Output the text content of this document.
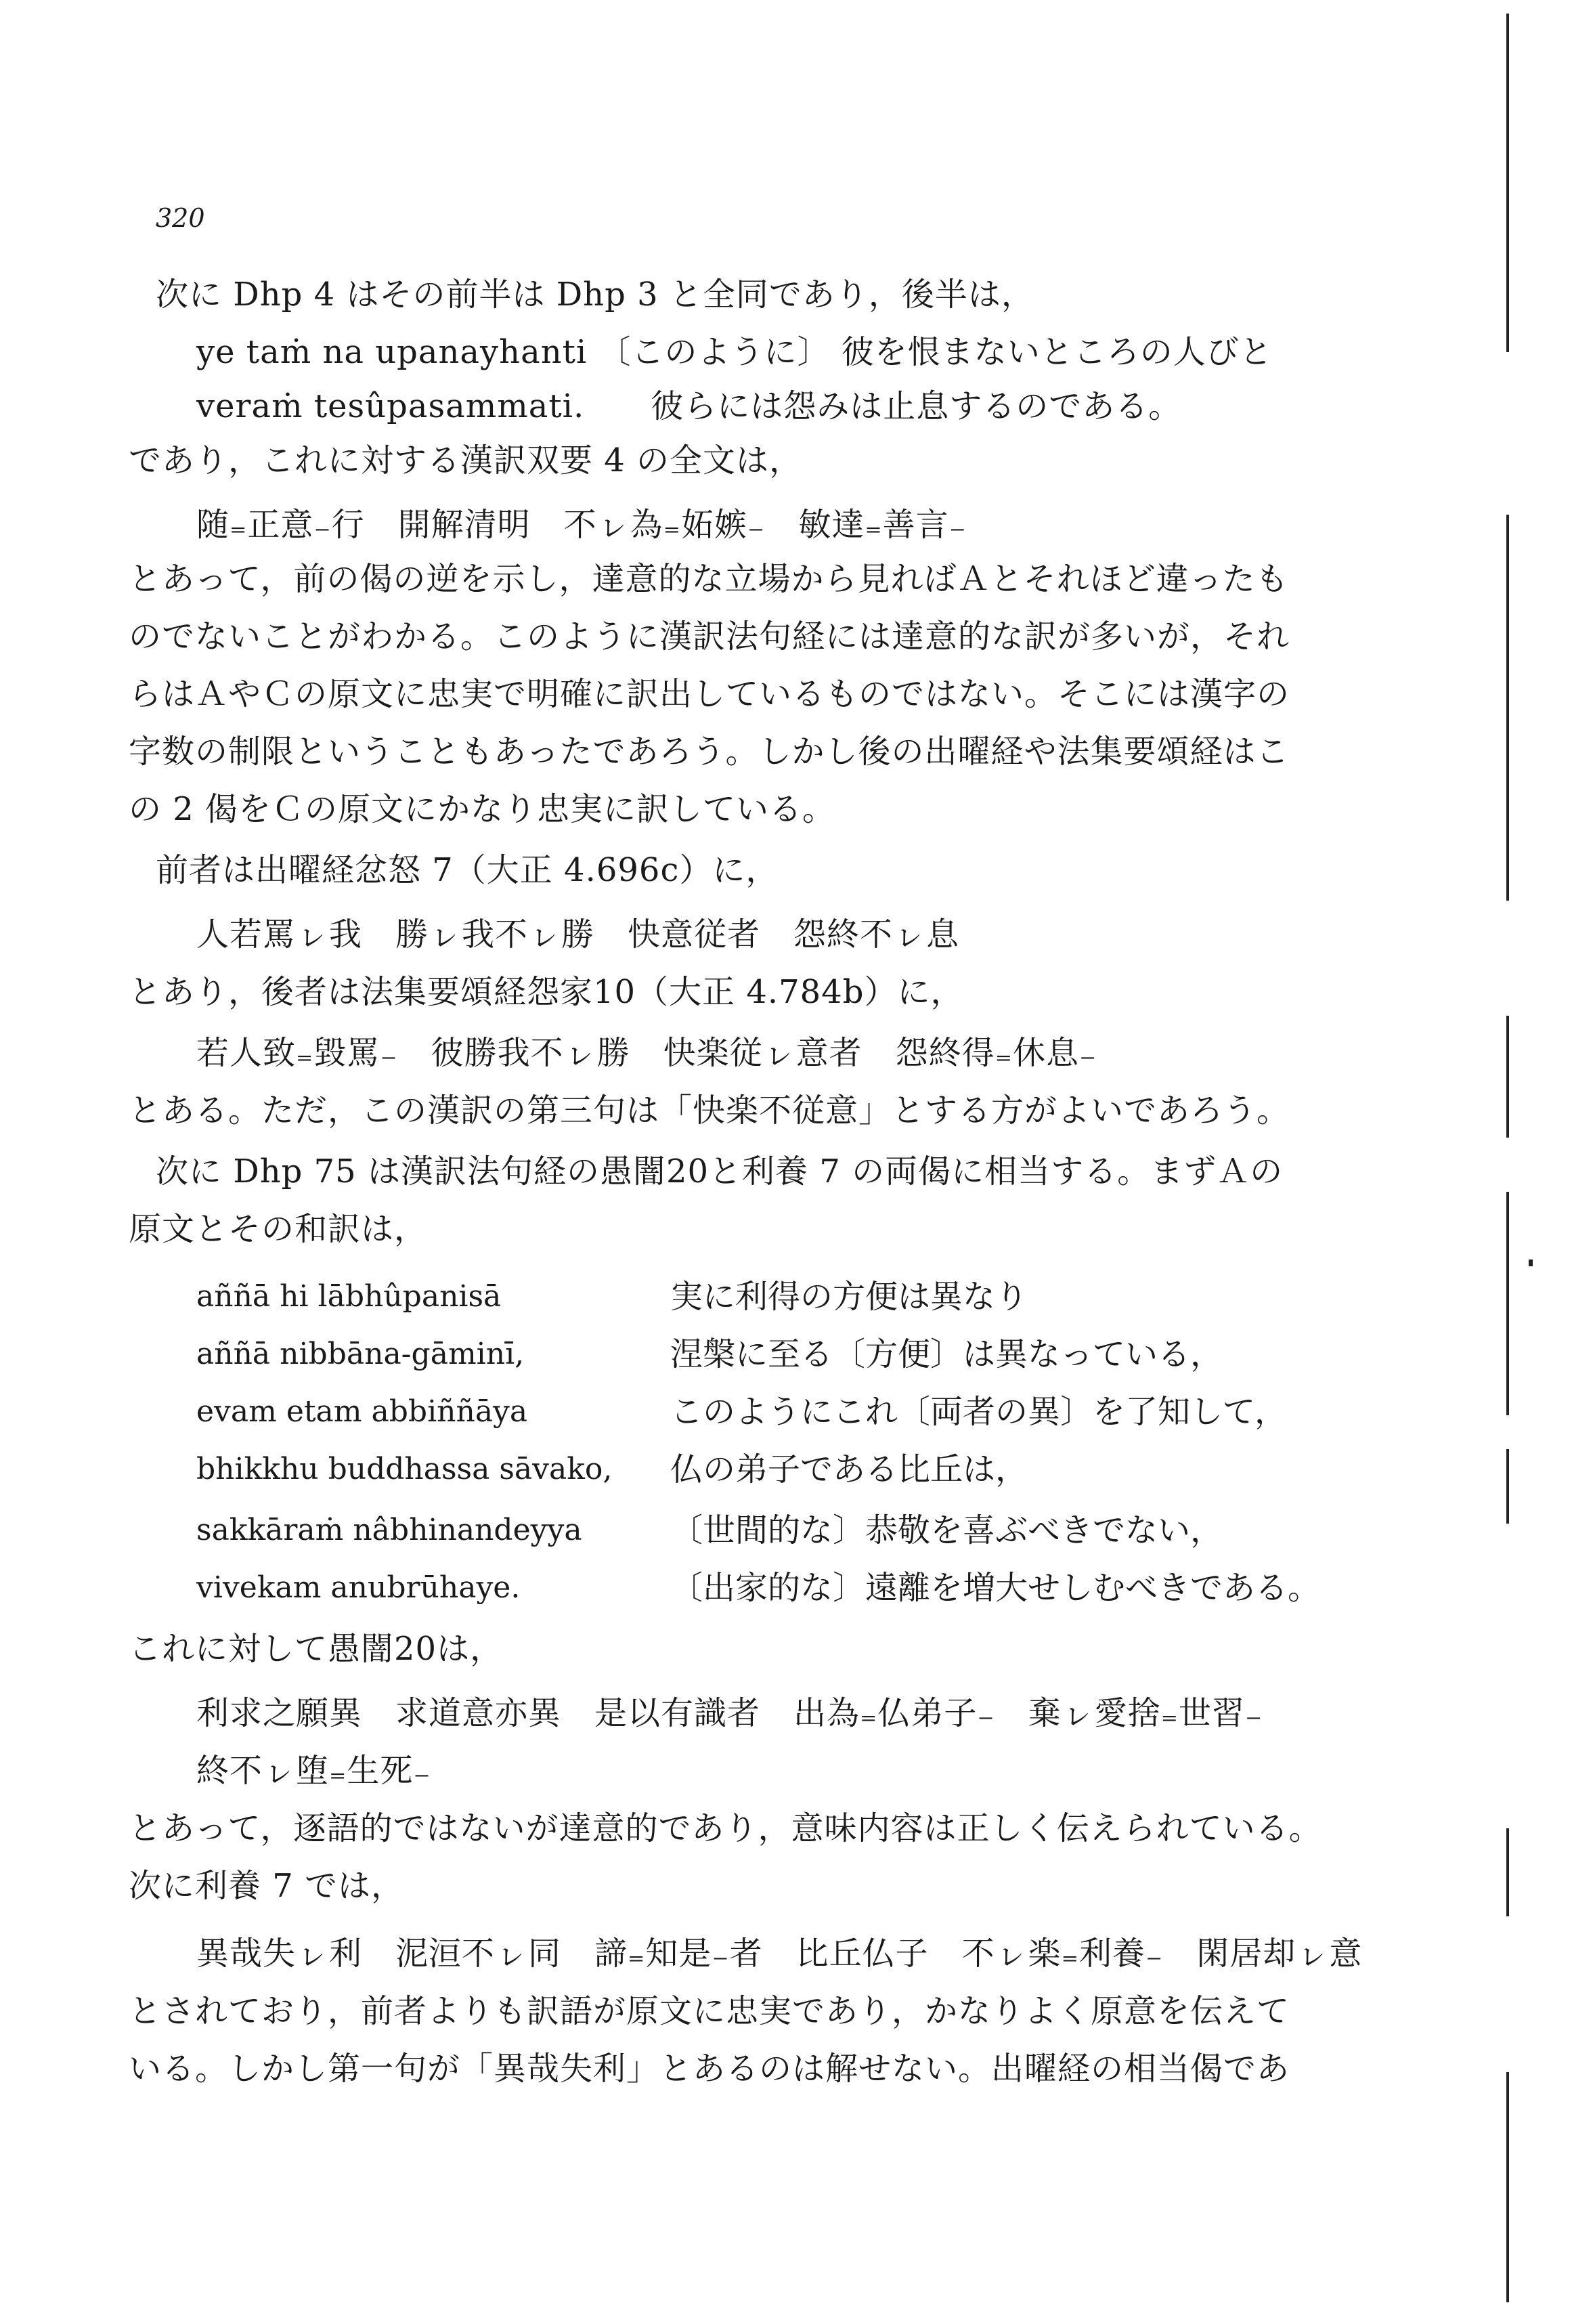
320
次に Dhp 4 はその前半は Dhp 3 と全同であり，後半は，
ye taṁ na upanayhanti 〔このように〕 彼を恨まないところの人びと
veraṁ tesûpasammati.　　彼らには怨みは止息するのである。
であり，これに対する漢訳双要 4 の全文は，
随₌正意₋行　開解清明　不ㇾ為₌妬嫉₋　敏達₌善言₋
とあって，前の偈の逆を示し，達意的な立場から見ればＡとそれほど違ったも
のでないことがわかる。このように漢訳法句経には達意的な訳が多いが，それ
らはＡやＣの原文に忠実で明確に訳出しているものではない。そこには漢字の
字数の制限ということもあったであろう。しかし後の出曜経や法集要頌経はこ
の 2 偈をＣの原文にかなり忠実に訳している。
前者は出曜経忿怒 7（大正 4.696c）に，
人若罵ㇾ我　勝ㇾ我不ㇾ勝　快意従者　怨終不ㇾ息
とあり，後者は法集要頌経怨家10（大正 4.784b）に，
若人致₌毀罵₋　彼勝我不ㇾ勝　快楽従ㇾ意者　怨終得₌休息₋
とある。ただ，この漢訳の第三句は「快楽不従意」とする方がよいであろう。
次に Dhp 75 は漢訳法句経の愚闇20と利養 7 の両偈に相当する。まずＡの
原文とその和訳は，
aññā hi lābhûpanisā	実に利得の方便は異なり
aññā nibbāna-gāminī,	涅槃に至る〔方便〕は異なっている，
evam etam abbiññāya	このようにこれ〔両者の異〕を了知して，
bhikkhu buddhassa sāvako,	仏の弟子である比丘は，
sakkāraṁ nâbhinandeyya	〔世間的な〕恭敬を喜ぶべきでない，
vivekam anubrūhaye.	〔出家的な〕遠離を増大せしむべきである。
これに対して愚闇20は，
利求之願異　求道意亦異　是以有識者　出為₌仏弟子₋　棄ㇾ愛捨₌世習₋
終不ㇾ堕₌生死₋
とあって，逐語的ではないが達意的であり，意味内容は正しく伝えられている。
次に利養 7 では，
異哉失ㇾ利　泥洹不ㇾ同　諦₌知是₋者　比丘仏子　不ㇾ楽₌利養₋　閑居却ㇾ意
とされており，前者よりも訳語が原文に忠実であり，かなりよく原意を伝えて
いる。しかし第一句が「異哉失利」とあるのは解せない。出曜経の相当偈であ
